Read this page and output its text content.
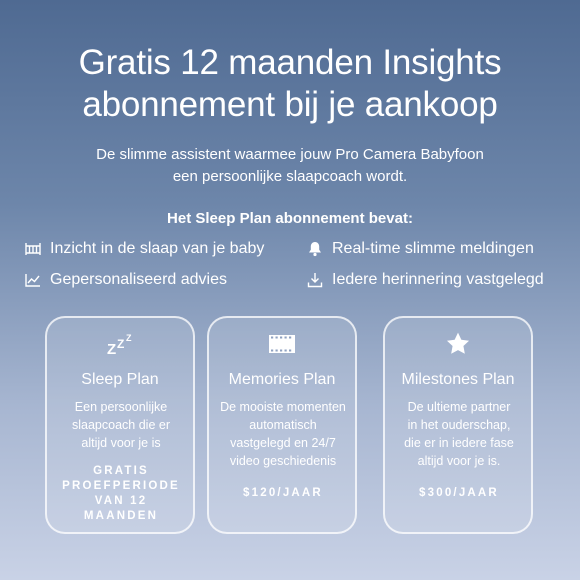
Gratis 12 maanden Insights
abonnement bij je aankoop
De slimme assistent waarmee jouw Pro Camera Babyfoon
een persoonlijke slaapcoach wordt.
Het Sleep Plan abonnement bevat:
Inzicht in de slaap van je baby	Real-time slimme meldingen
Gepersonaliseerd advies	Iedere herinnering vastgelegd
Z Z Z
Sleep Plan
Een persoonlijke
slaapcoach die er
altijd voor je is
GRATIS
PROEFPERIODE
VAN 12
MAANDEN
Memories Plan
De mooiste momenten
automatisch
vastgelegd en 24/7
video geschiedenis
$120/JAAR
Milestones Plan
De ultieme partner
in het ouderschap,
die er in iedere fase
altijd voor je is.
$300/JAAR
